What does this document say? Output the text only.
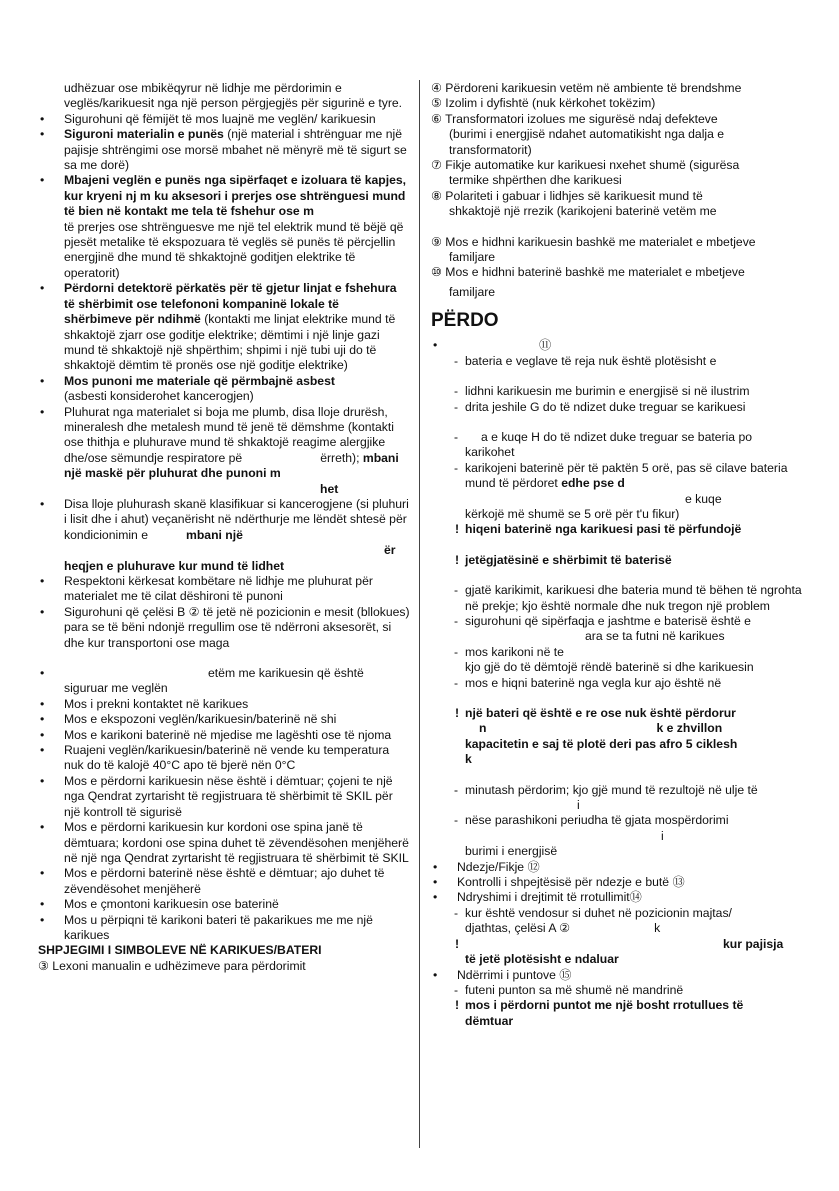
udhëzuar ose mbikëqyrur në lidhje me përdorimin e veglës/karikuesit nga një person përgjegjës për sigurinë e tyre.

• Sigurohuni që fëmijët të mos luajnë me veglën/ karikuesin
• Siguroni materialin e punës (një material i shtrënguar me një pajisje shtrëngimi ose morsë mbahet në mënyrë më të sigurt se sa me dorë)
• Mbajeni veglën e punës nga sipërfaqet e izoluara të kapjes, kur kryeni nj m ku aksesori i prerjes ose shtrënguesi mund të bien në kontakt me tela të fshehur ose m
të prerjes ose shtrënguesve me një tel elektrik mund të bëjë që pjesët metalike të ekspozuara të veglës së punës të përcjellin energjinë dhe mund të shkaktojnë goditjen elektrike të operatorit)
• Përdorni detektorë përkatës për të gjetur linjat e fshehura të shërbimit ose telefononi kompaninë lokale të shërbimeve për ndihmë (kontakti me linjat elektrike mund të shkaktojë zjarr ose goditje elektrike; dëmtimi i një linje gazi mund të shkaktojë një shpërthim; shpimi i një tubi uji do të shkaktojë dëmtim të pronës ose një goditje elektrike)
• Mos punoni me materiale që përmbajnë asbest
(asbesti konsiderohet kancerogjen)
• Pluhurat nga materialet si boja me plumb, disa lloje drurësh, mineralesh dhe metalesh mund të jenë të dëmshme (kontakti ose thithja e pluhurave mund të shkaktojë reagime alergjike dhe/ose sëmundje respiratore pë	ërreth); mbani
një maskë për pluhurat dhe punoni m
het
• Disa lloje pluhurash skanë klasifikuar si kancerogjene (si pluhuri i lisit dhe i ahut) veçanërisht në ndërthurje me lëndët shtesë për kondicionimin e	mbani një
ër
heqjen e pluhurave kur mund të lidhet
• Respektoni kërkesat kombëtare në lidhje me pluhurat për materialet me të cilat dëshironi të punoni
• Sigurohuni që çelësi B ② të jetë në pozicionin e mesit (bllokues) para se të bëni ndonjë rregullim ose të ndërroni aksesorët, si dhe kur transportoni ose maga
• etëm me karikuesin që është siguruar me veglën
• Mos i prekni kontaktet në karikues
• Mos e ekspozoni veglën/karikuesin/baterinë në shi
• Mos e karikoni baterinë në mjedise me lagështi ose të njoma
• Ruajeni veglën/karikuesin/baterinë në vende ku temperatura nuk do të kalojë 40°C apo të bjerë nën 0°C
• Mos e përdorni karikuesin nëse është i dëmtuar; çojeni te një nga Qendrat zyrtarisht të regjistruara të shërbimit të SKIL për një kontroll të sigurisë
• Mos e përdorni karikuesin kur kordoni ose spina janë të dëmtuara; kordoni ose spina duhet të zëvendësohen menjëherë në një nga Qendrat zyrtarisht të regjistruara të shërbimit të SKIL
• Mos e përdorni baterinë nëse është e dëmtuar; ajo duhet të zëvendësohet menjëherë
• Mos e çmontoni karikuesin ose baterinë
• Mos u përpiqni të karikoni bateri të pakarikues me me një karikues

SHPJEGIMI I SIMBOLEVE NË KARIKUES/BATERI

③ Lexoni manualin e udhëzimeve para përdorimit

④ Përdoreni karikuesin vetëm në ambiente të brendshme

⑤ Izolim i dyfishtë (nuk kërkohet tokëzim)

⑥ Transformatori izolues me sigurësë ndaj defekteve

(burimi i energjisë ndahet automatikisht nga dalja e transformatorit)

⑦ Fikje automatike kur karikuesi nxehet shumë (sigurësa

termike shpërthen dhe karikuesi

⑧ Polariteti i gabuar i lidhjes së karikuesit mund të

shkaktojë një rrezik (karikojeni baterinë vetëm me

⑨ Mos e hidhni karikuesin bashkë me materialet e mbetjeve

familjare

⑩ Mos e hidhni baterinë bashkë me materialet e mbetjeve

familjare

PËRDO

• ⑪
- bateria e veglave të reja nuk është plotësisht e
- lidhni karikuesin me burimin e energjisë si në ilustrim
- drita jeshile G do të ndizet duke treguar se karikuesi
- a e kuqe H do të ndizet duke treguar se bateria po karikohet
- karikojeni baterinë për të paktën 5 orë, pas së cilave bateria mund të përdoret edhe pse d
e kuqe
kërkojë më shumë se 5 orë për t'u fikur)
! hiqeni baterinë nga karikuesi pasi të përfundojë
! jetëgjatësinë e shërbimit të baterisë
- gjatë karikimit, karikuesi dhe bateria mund të bëhen të ngrohta në prekje; kjo është normale dhe nuk tregon një problem
- sigurohuni që sipërfaqja e jashtme e baterisë është e
ara se ta futni në karikues
- mos karikoni në te
kjo gjë do të dëmtojë rëndë baterinë si dhe karikuesin
- mos e hiqni baterinë nga vegla kur ajo është në
! një bateri që është e re ose nuk është përdorur
n	k e zhvillon
kapacitetin e saj të plotë deri pas afro 5 ciklesh
k
- minutash përdorim; kjo gjë mund të rezultojë në ulje të
i
- nëse parashikoni periudha të gjata mospërdorimi
i
burimi i energjisë
• Ndezje/Fikje ⑫
• Kontrolli i shpejtësisë për ndezje e butë ⑬
• Ndryshimi i drejtimit të rrotullimit⑭
- kur është vendosur si duhet në pozicionin majtas/
djathtas, çelësi A ②	k
! kur pajisja
të jetë plotësisht e ndaluar
• Ndërrimi i puntove ⑮
- futeni punton sa më shumë në mandrinë
! mos i përdorni puntot me një bosht rrotullues të
dëmtuar
